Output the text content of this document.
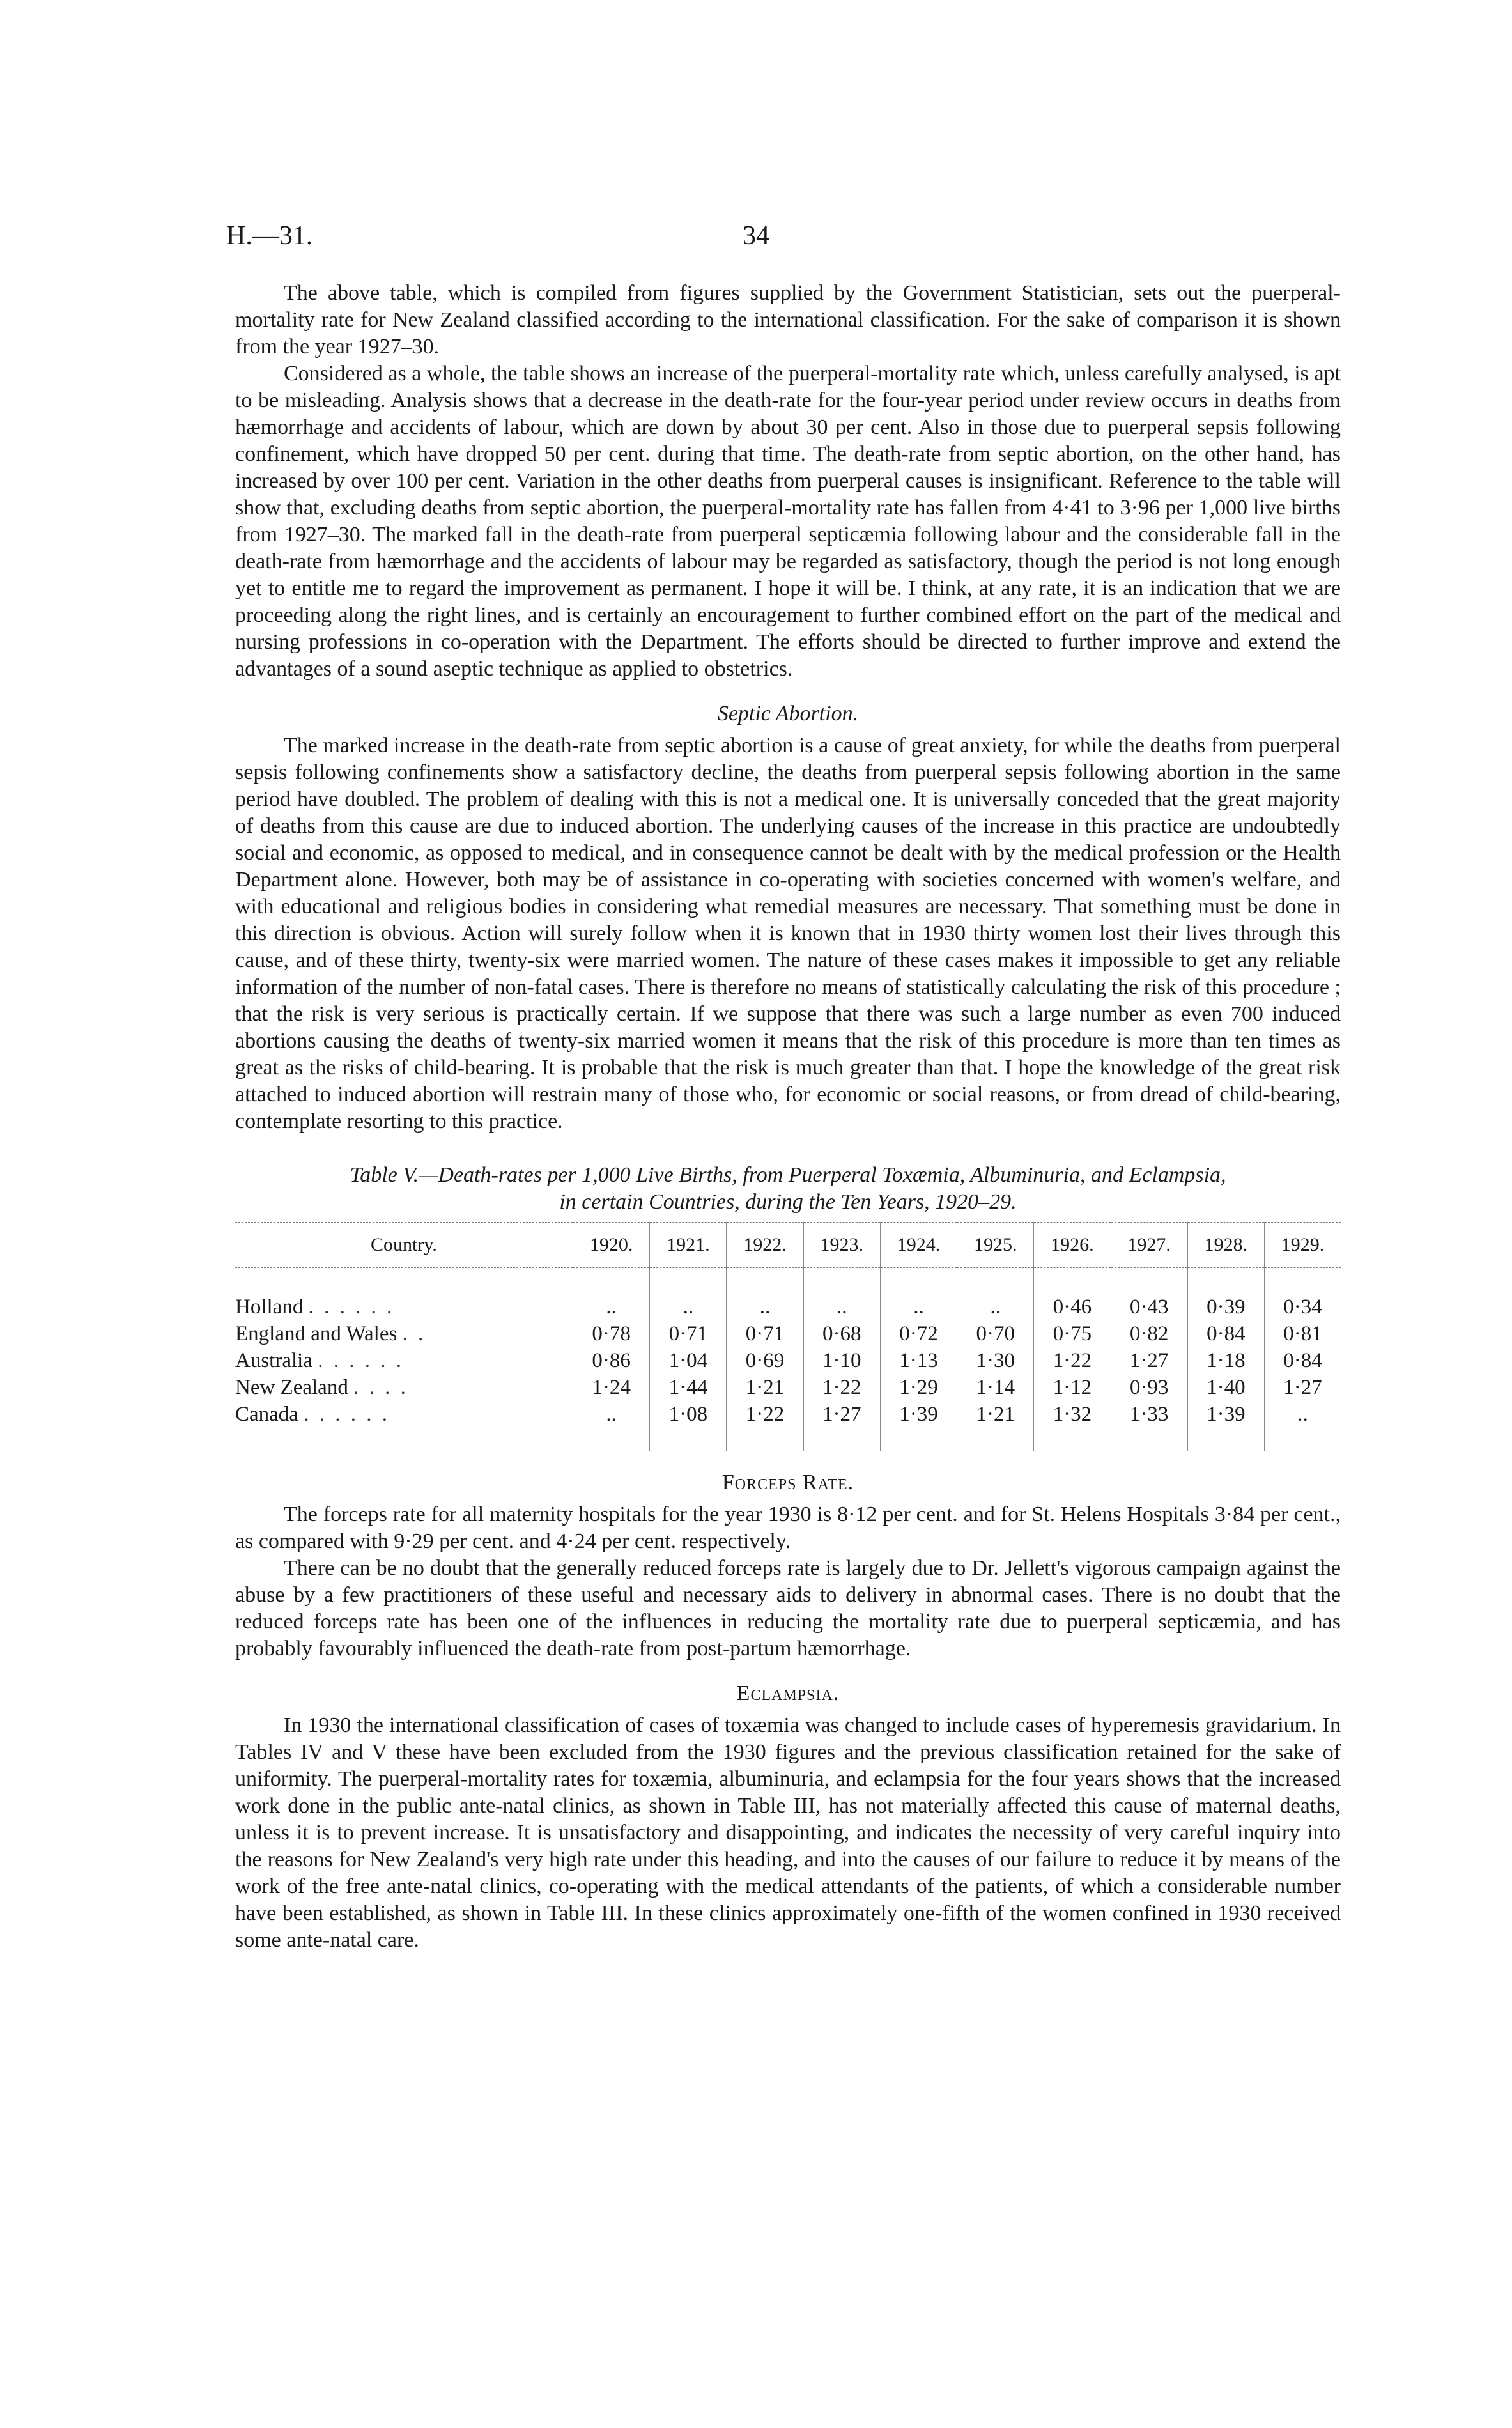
H.—31.	34

The above table, which is compiled from figures supplied by the Government Statistician, sets out the puerperal-mortality rate for New Zealand classified according to the international classification. For the sake of comparison it is shown from the year 1927–30.

Considered as a whole, the table shows an increase of the puerperal-mortality rate which, unless carefully analysed, is apt to be misleading. Analysis shows that a decrease in the death-rate for the four-year period under review occurs in deaths from hæmorrhage and accidents of labour, which are down by about 30 per cent. Also in those due to puerperal sepsis following confinement, which have dropped 50 per cent. during that time. The death-rate from septic abortion, on the other hand, has increased by over 100 per cent. Variation in the other deaths from puerperal causes is insignificant. Reference to the table will show that, excluding deaths from septic abortion, the puerperal-mortality rate has fallen from 4·41 to 3·96 per 1,000 live births from 1927–30. The marked fall in the death-rate from puerperal septicæmia following labour and the considerable fall in the death-rate from hæmorrhage and the accidents of labour may be regarded as satisfactory, though the period is not long enough yet to entitle me to regard the improvement as permanent. I hope it will be. I think, at any rate, it is an indication that we are proceeding along the right lines, and is certainly an encouragement to further combined effort on the part of the medical and nursing professions in co-operation with the Department. The efforts should be directed to further improve and extend the advantages of a sound aseptic technique as applied to obstetrics.

Septic Abortion.

The marked increase in the death-rate from septic abortion is a cause of great anxiety, for while the deaths from puerperal sepsis following confinements show a satisfactory decline, the deaths from puerperal sepsis following abortion in the same period have doubled. The problem of dealing with this is not a medical one. It is universally conceded that the great majority of deaths from this cause are due to induced abortion. The underlying causes of the increase in this practice are undoubtedly social and economic, as opposed to medical, and in consequence cannot be dealt with by the medical profession or the Health Department alone. However, both may be of assistance in co-operating with societies concerned with women's welfare, and with educational and religious bodies in considering what remedial measures are necessary. That something must be done in this direction is obvious. Action will surely follow when it is known that in 1930 thirty women lost their lives through this cause, and of these thirty, twenty-six were married women. The nature of these cases makes it impossible to get any reliable information of the number of non-fatal cases. There is therefore no means of statistically calculating the risk of this procedure ; that the risk is very serious is practically certain. If we suppose that there was such a large number as even 700 induced abortions causing the deaths of twenty-six married women it means that the risk of this procedure is more than ten times as great as the risks of child-bearing. It is probable that the risk is much greater than that. I hope the knowledge of the great risk attached to induced abortion will restrain many of those who, for economic or social reasons, or from dread of child-bearing, contemplate resorting to this practice.

Table V.—Death-rates per 1,000 Live Births, from Puerperal Toxæmia, Albuminuria, and Eclampsia,
in certain Countries, during the Ten Years, 1920–29.
Country.	1920.	1921.	1922.	1923.	1924.	1925.	1926.	1927.	1928.	1929.
Holland . . . . . .	..	..	..	..	..	..	0·46	0·43	0·39	0·34
England and Wales . .	0·78	0·71	0·71	0·68	0·72	0·70	0·75	0·82	0·84	0·81
Australia . . . . . .	0·86	1·04	0·69	1·10	1·13	1·30	1·22	1·27	1·18	0·84
New Zealand . . . .	1·24	1·44	1·21	1·22	1·29	1·14	1·12	0·93	1·40	1·27
Canada . . . . . .	..	1·08	1·22	1·27	1·39	1·21	1·32	1·33	1·39	..
Forceps Rate.

The forceps rate for all maternity hospitals for the year 1930 is 8·12 per cent. and for St. Helens Hospitals 3·84 per cent., as compared with 9·29 per cent. and 4·24 per cent. respectively.

There can be no doubt that the generally reduced forceps rate is largely due to Dr. Jellett's vigorous campaign against the abuse by a few practitioners of these useful and necessary aids to delivery in abnormal cases. There is no doubt that the reduced forceps rate has been one of the influences in reducing the mortality rate due to puerperal septicæmia, and has probably favourably influenced the death-rate from post-partum hæmorrhage.

Eclampsia.

In 1930 the international classification of cases of toxæmia was changed to include cases of hyperemesis gravidarium. In Tables IV and V these have been excluded from the 1930 figures and the previous classification retained for the sake of uniformity. The puerperal-mortality rates for toxæmia, albuminuria, and eclampsia for the four years shows that the increased work done in the public ante-natal clinics, as shown in Table III, has not materially affected this cause of maternal deaths, unless it is to prevent increase. It is unsatisfactory and disappointing, and indicates the necessity of very careful inquiry into the reasons for New Zealand's very high rate under this heading, and into the causes of our failure to reduce it by means of the work of the free ante-natal clinics, co-operating with the medical attendants of the patients, of which a considerable number have been established, as shown in Table III. In these clinics approximately one-fifth of the women confined in 1930 received some ante-natal care.
